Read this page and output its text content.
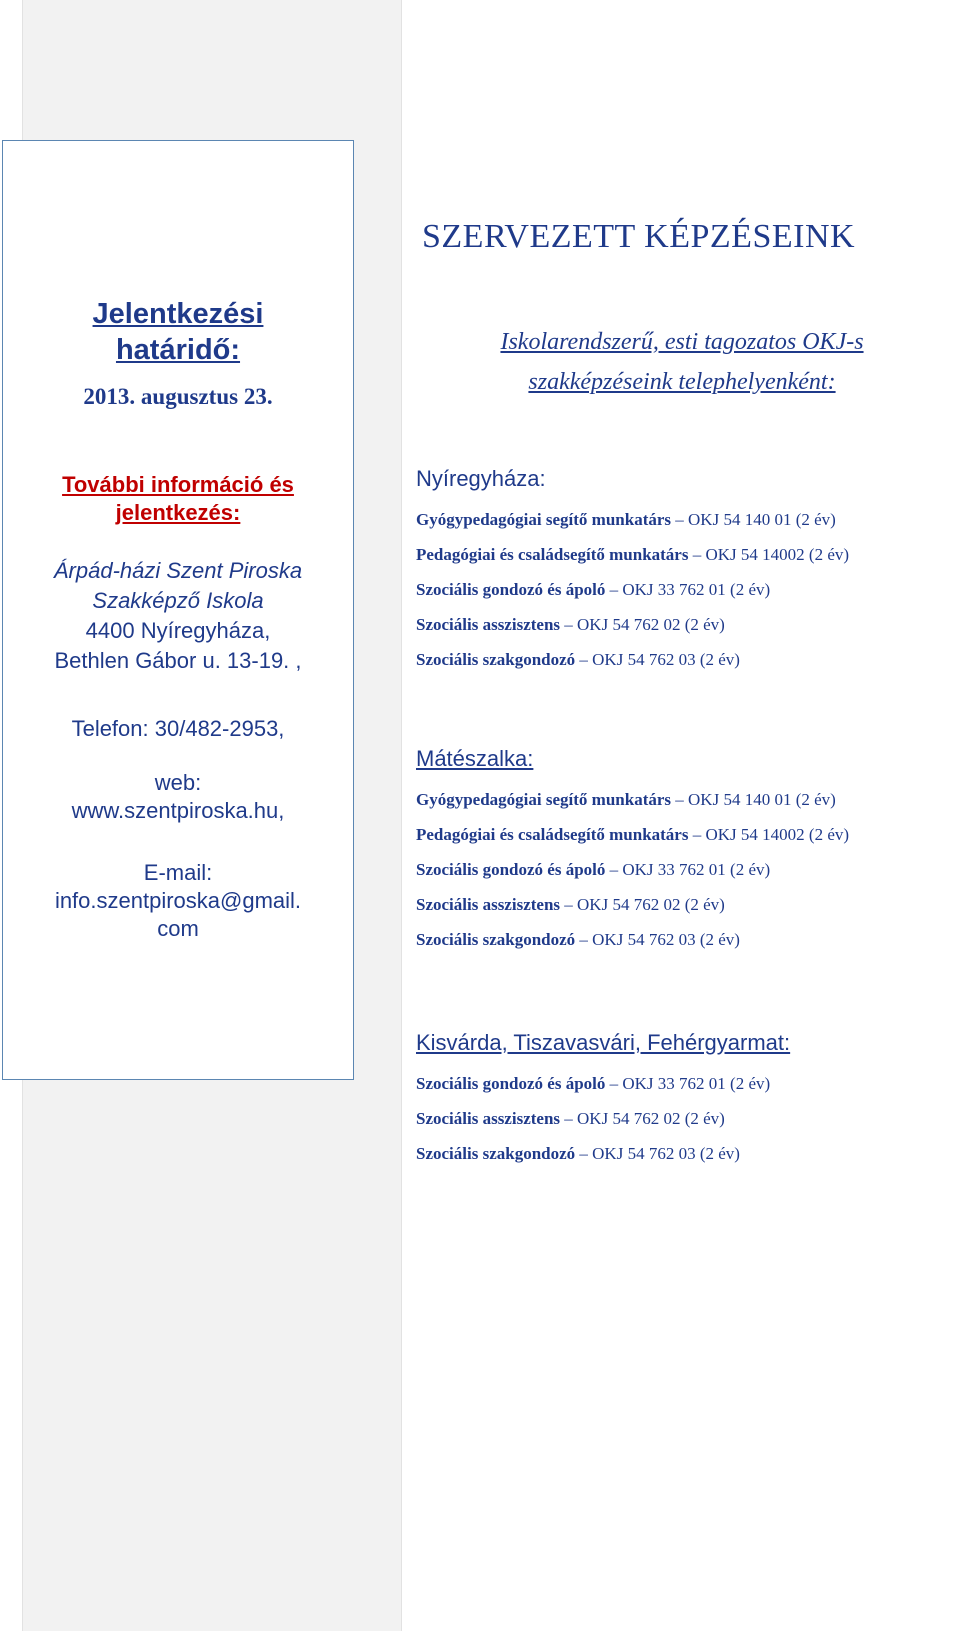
Jelentkezési
határidő:
2013. augusztus 23.
További információ és
jelentkezés:
Árpád-házi Szent Piroska
Szakképző Iskola
4400 Nyíregyháza,
Bethlen Gábor u. 13-19. ,
Telefon: 30/482-2953,
web:
www.szentpiroska.hu,
E-mail:
info.szentpiroska@gmail.
com
SZERVEZETT KÉPZÉSEINK
Iskolarendszerű, esti tagozatos OKJ-s
szakképzéseink telephelyenként:
Nyíregyháza:
Gyógypedagógiai segítő munkatárs – OKJ 54 140 01 (2 év)
Pedagógiai és családsegítő munkatárs – OKJ 54 14002 (2 év)
Szociális gondozó és ápoló – OKJ 33 762 01 (2 év)
Szociális asszisztens – OKJ 54 762 02 (2 év)
Szociális szakgondozó – OKJ 54 762 03 (2 év)
Mátészalka:
Gyógypedagógiai segítő munkatárs – OKJ 54 140 01 (2 év)
Pedagógiai és családsegítő munkatárs – OKJ 54 14002 (2 év)
Szociális gondozó és ápoló – OKJ 33 762 01 (2 év)
Szociális asszisztens – OKJ 54 762 02 (2 év)
Szociális szakgondozó – OKJ 54 762 03 (2 év)
Kisvárda, Tiszavasvári, Fehérgyarmat:
Szociális gondozó és ápoló – OKJ 33 762 01 (2 év)
Szociális asszisztens – OKJ 54 762 02 (2 év)
Szociális szakgondozó – OKJ 54 762 03 (2 év)
